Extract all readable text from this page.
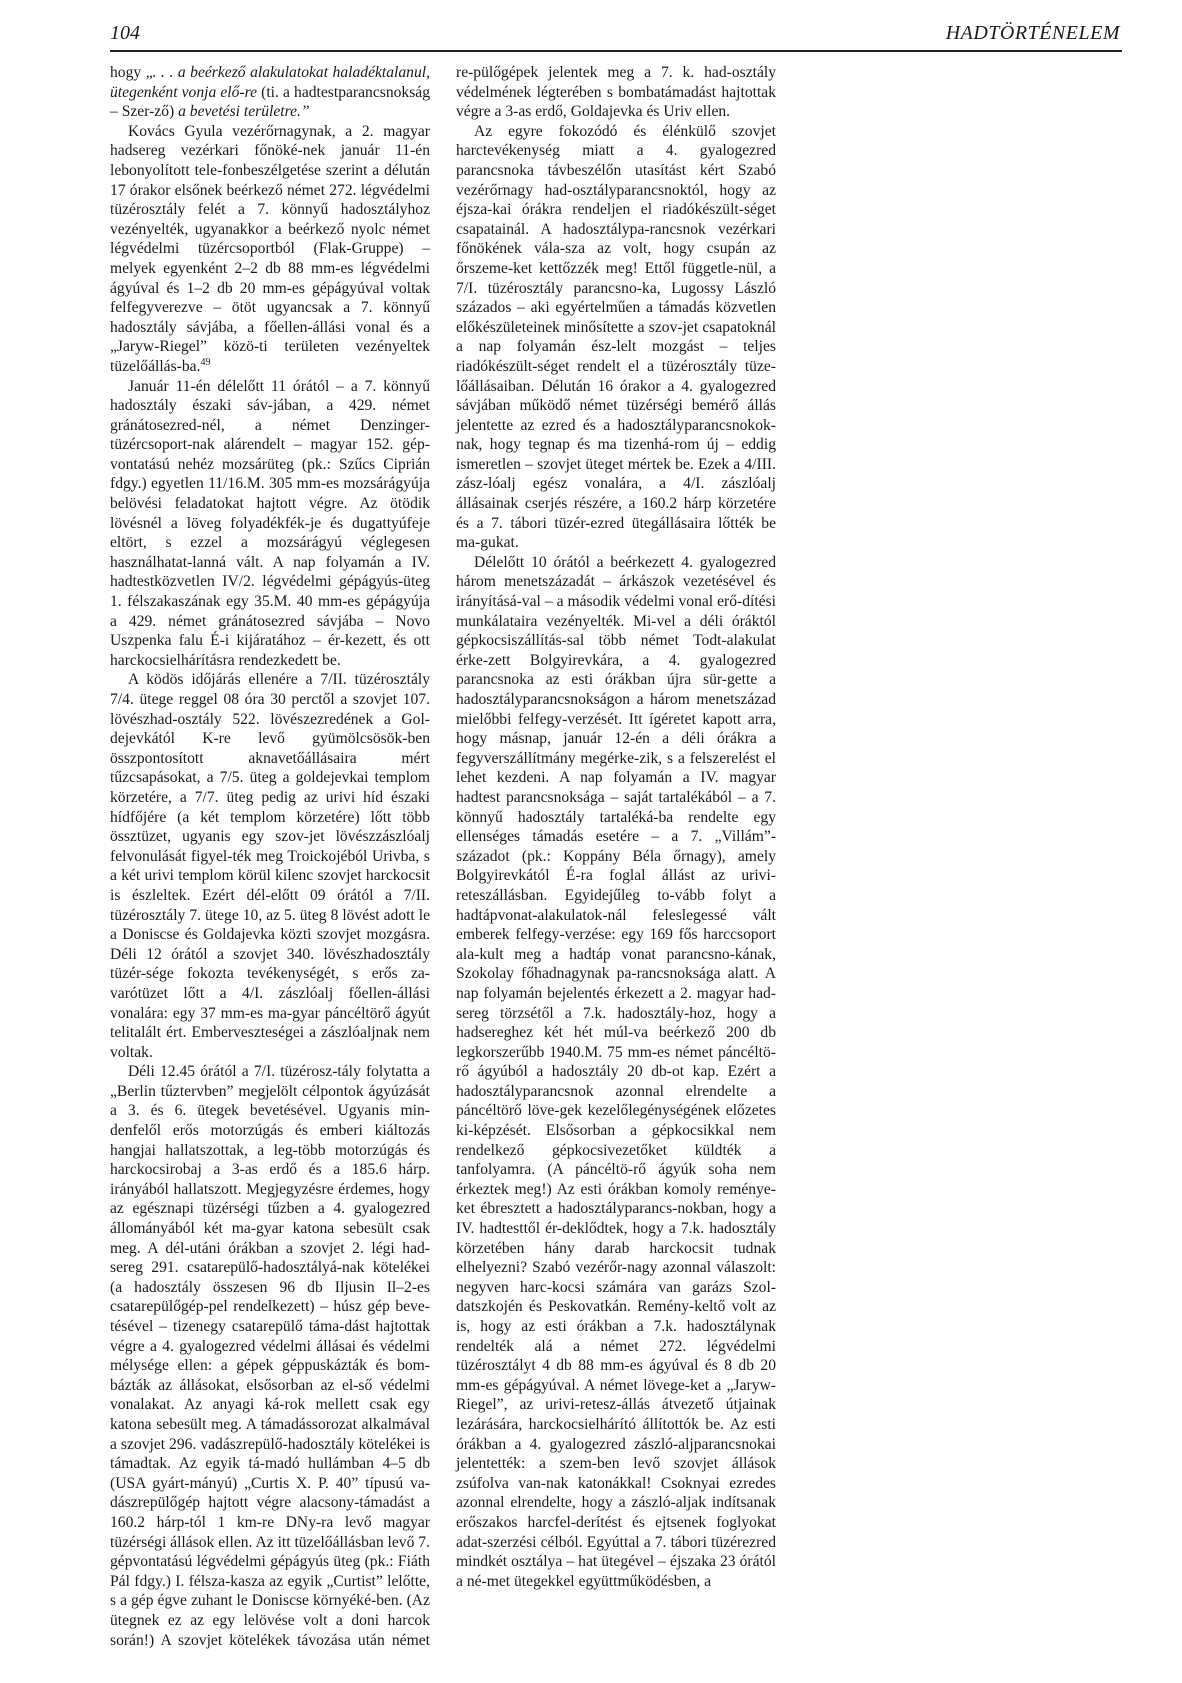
104	HADTÖRTÉNELEM

hogy „. . . a beérkező alakulatokat haladéktalanul, ütegenként vonja elő-re (ti. a hadtestparancsnokság – Szer-ző) a bevetési területre.”

Kovács Gyula vezérőrnagynak, a 2. magyar hadsereg vezérkari főnöké-nek január 11-én lebonyolított tele-fonbeszélgetése szerint a délután 17 órakor elsőnek beérkező német 272. légvédelmi tüzérosztály felét a 7. könnyű hadosztályhoz vezényelték, ugyanakkor a beérkező nyolc német légvédelmi tüzércsoportból (Flak-Gruppe) – melyek egyenként 2–2 db 88 mm-es légvédelmi ágyúval és 1–2 db 20 mm-es gépágyúval voltak felfegyverezve – ötöt ugyancsak a 7. könnyű hadosztály sávjába, a főellen-állási vonal és a „Jaryw-Riegel” közö-ti területen vezényeltek tüzelőállás-ba.$^{49}$

Január 11-én délelőtt 11 órától – a 7. könnyű hadosztály északi sáv-jában, a 429. német gránátosezred-nél, a német Denzinger-tüzércsoport-nak alárendelt – magyar 152. gép-vontatású nehéz mozsárüteg (pk.: Szűcs Ciprián fdgy.) egyetlen 11/16.M. 305 mm-es mozsárágyúja belövési feladatokat hajtott végre. Az ötödik lövésnél a löveg folyadékfék-je és dugattyúfeje eltört, s ezzel a mozsárágyú véglegesen használhatat-lanná vált. A nap folyamán a IV. hadtestközvetlen IV/2. légvédelmi gépágyús-üteg 1. félszakaszának egy 35.M. 40 mm-es gépágyúja a 429. német gránátosezred sávjába – Novo Uszpenka falu É-i kijáratához – ér-kezett, és ott harckocsielhárításra rendezkedett be.

A ködös időjárás ellenére a 7/II. tüzérosztály 7/4. ütege reggel 08 óra 30 perctől a szovjet 107. lövészhad-osztály 522. lövészezredének a Gol-dejevkától K-re levő gyümölcsösök-ben összpontosított aknavetőállásaira mért tűzcsapásokat, a 7/5. üteg a goldejevkai templom körzetére, a 7/7. üteg pedig az urivi híd északi hídfőjére (a két templom körzetére) lőtt több össztüzet, ugyanis egy szov-jet lövészzászlóalj felvonulását figyel-ték meg Troickojéból Urivba, s a két urivi templom körül kilenc szovjet harckocsit is észleltek. Ezért dél-előtt 09 órától a 7/II. tüzérosztály 7. ütege 10, az 5. üteg 8 lövést adott le a Doniscse és Goldajevka közti szovjet mozgásra. Déli 12 órától a szovjet 340. lövészhadosztály tüzér-sége fokozta tevékenységét, s erős za-varótüzet lőtt a 4/I. zászlóalj főellen-állási vonalára: egy 37 mm-es ma-gyar páncéltörő ágyút telitalált ért. Emberveszteségei a zászlóaljnak nem voltak.

Déli 12.45 órától a 7/I. tüzérosz-tály folytatta a „Berlin tűztervben” megjelölt célpontok ágyúzását a 3. és 6. ütegek bevetésével. Ugyanis min-denfelől erős motorzúgás és emberi kiáltozás hangjai hallatszottak, a leg-több motorzúgás és harckocsirobaj a 3-as erdő és a 185.6 hárp. irányából hallatszott. Megjegyzésre érdemes, hogy az egésznapi tüzérségi tűzben a 4. gyalogezred állományából két ma-gyar katona sebesült csak meg. A dél-utáni órákban a szovjet 2. légi had-sereg 291. csatarepülő-hadosztályá-nak kötelékei (a hadosztály összesen 96 db Iljusin Il–2-es csatarepülőgép-pel rendelkezett) – húsz gép beve-tésével – tizenegy csatarepülő táma-dást hajtottak végre a 4. gyalogezred védelmi állásai és védelmi mélysége ellen: a gépek géppuskázták és bom-bázták az állásokat, elsősorban az el-ső védelmi vonalakat. Az anyagi ká-rok mellett csak egy katona sebesült meg. A támadássorozat alkalmával a szovjet 296. vadászrepülő-hadosztály kötelékei is támadtak. Az egyik tá-madó hullámban 4–5 db (USA gyárt-mányú) „Curtis X. P. 40” típusú va-dászrepülőgép hajtott végre alacsony-támadást a 160.2 hárp-tól 1 km-re DNy-ra levő magyar tüzérségi állások ellen. Az itt tüzelőállásban levő 7. gépvontatású légvédelmi gépágyús üteg (pk.: Fiáth Pál fdgy.) I. félsza-kasza az egyik „Curtist” lelőtte, s a gép égve zuhant le Doniscse környéké-ben. (Az ütegnek ez az egy lelövése volt a doni harcok során!) A szovjet kötelékek távozása után német re-pülőgépek jelentek meg a 7. k. had-osztály védelmének légterében s bombatámadást hajtottak végre a 3-as erdő, Goldajevka és Uriv ellen.

Az egyre fokozódó és élénkülő szovjet harctevékenység miatt a 4. gyalogezred parancsnoka távbeszélőn utasítást kért Szabó vezérőrnagy had-osztályparancsnoktól, hogy az éjsza-kai órákra rendeljen el riadókészült-séget csapatainál. A hadosztálypa-rancsnok vezérkari főnökének vála-sza az volt, hogy csupán az őrszeme-ket kettőzzék meg! Ettől függetle-nül, a 7/I. tüzérosztály parancsno-ka, Lugossy László százados – aki egyértelműen a támadás közvetlen előkészületeinek minősítette a szov-jet csapatoknál a nap folyamán ész-lelt mozgást – teljes riadókészült-séget rendelt el a tüzérosztály tüze-lőállásaiban. Délután 16 órakor a 4. gyalogezred sávjában működő német tüzérségi bemérő állás jelentette az ezred és a hadosztályparancsnokok-nak, hogy tegnap és ma tizenhá-rom új – eddig ismeretlen – szovjet üteget mértek be. Ezek a 4/III. zász-lóalj egész vonalára, a 4/I. zászlóalj állásainak cserjés részére, a 160.2 hárp körzetére és a 7. tábori tüzér-ezred ütegállásaira lőtték be ma-gukat.

Délelőtt 10 órától a beérkezett 4. gyalogezred három menetszázadát – árkászok vezetésével és irányításá-val – a második védelmi vonal erő-dítési munkálataira vezényelték. Mi-vel a déli óráktól gépkocsiszállítás-sal több német Todt-alakulat érke-zett Bolgyirevkára, a 4. gyalogezred parancsnoka az esti órákban újra sür-gette a hadosztályparancsnokságon a három menetszázad mielőbbi felfegy-verzését. Itt ígéretet kapott arra, hogy másnap, január 12-én a déli órákra a fegyverszállítmány megérke-zik, s a felszerelést el lehet kezdeni. A nap folyamán a IV. magyar hadtest parancsnoksága – saját tartalékából – a 7. könnyű hadosztály tartaléká-ba rendelte egy ellenséges támadás esetére – a 7. „Villám”-századot (pk.: Koppány Béla őrnagy), amely Bolgyirevkától É-ra foglal állást az urivi-reteszállásban. Egyidejűleg to-vább folyt a hadtápvonat-alakulatok-nál feleslegessé vált emberek felfegy-verzése: egy 169 fős harccsoport ala-kult meg a hadtáp vonat parancsno-kának, Szokolay főhadnagynak pa-rancsnoksága alatt. A nap folyamán bejelentés érkezett a 2. magyar had-sereg törzsétől a 7.k. hadosztály-hoz, hogy a hadsereghez két hét múl-va beérkező 200 db legkorszerűbb 1940.M. 75 mm-es német páncéltö-rő ágyúból a hadosztály 20 db-ot kap. Ezért a hadosztályparancsnok azonnal elrendelte a páncéltörő löve-gek kezelőlegénységének előzetes ki-képzését. Elsősorban a gépkocsikkal nem rendelkező gépkocsivezetőket küldték a tanfolyamra. (A páncéltö-rő ágyúk soha nem érkeztek meg!) Az esti órákban komoly reménye-ket ébresztett a hadosztályparancs-nokban, hogy a IV. hadtesttől ér-deklődtek, hogy a 7.k. hadosztály körzetében hány darab harckocsit tudnak elhelyezni? Szabó vezérőr-nagy azonnal válaszolt: negyven harc-kocsi számára van garázs Szol-datszkojén és Peskovatkán. Remény-keltő volt az is, hogy az esti órákban a 7.k. hadosztálynak rendelték alá a német 272. légvédelmi tüzérosztályt 4 db 88 mm-es ágyúval és 8 db 20 mm-es gépágyúval. A német lövege-ket a „Jaryw-Riegel”, az urivi-retesz-állás átvezető útjainak lezárására, harckocsielhárító állítottók be. Az esti órákban a 4. gyalogezred zászló-aljparancsnokai jelentették: a szem-ben levő szovjet állások zsúfolva van-nak katonákkal! Csoknyai ezredes azonnal elrendelte, hogy a zászló-aljak indítsanak erőszakos harcfel-derítést és ejtsenek foglyokat adat-szerzési célból. Egyúttal a 7. tábori tüzérezred mindkét osztálya – hat ütegével – éjszaka 23 órától a né-met ütegekkel együttműködésben, a
